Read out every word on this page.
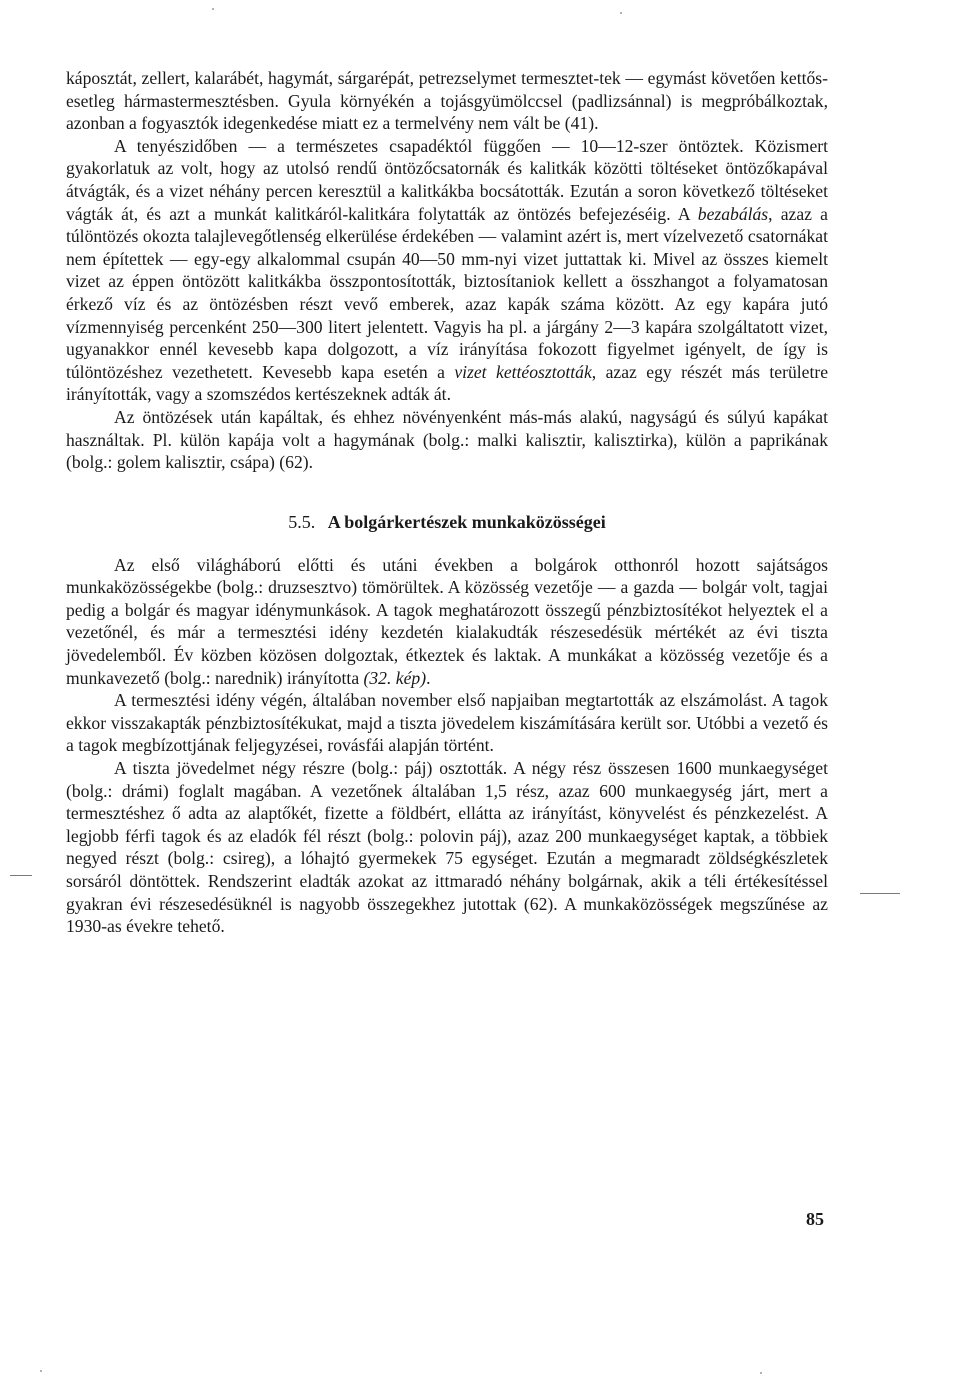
káposztát, zellert, kalarábét, hagymát, sárgarépát, petrezselymet termesztet-tek — egymást követően kettős- esetleg hármastermesztésben. Gyula környékén a tojásgyümölccsel (padlizsánnal) is megpróbálkoztak, azonban a fogyasztók idegenkedése miatt ez a termelvény nem vált be (41).

A tenyészidőben — a természetes csapadéktól függően — 10—12-szer öntöztek. Közismert gyakorlatuk az volt, hogy az utolsó rendű öntözőcsatornák és kalitkák közötti töltéseket öntözőkapával átvágták, és a vizet néhány percen keresztül a kalitkákba bocsátották. Ezután a soron következő töltéseket vágták át, és azt a munkát kalitkáról-kalitkára folytatták az öntözés befejezéséig. A bezabálás, azaz a túlöntözés okozta talajlevegőtlenség elkerülése érdekében — valamint azért is, mert vízelvezető csatornákat nem építettek — egy-egy alkalommal csupán 40—50 mm-nyi vizet juttattak ki. Mivel az összes kiemelt vizet az éppen öntözött kalitkákba összpontosították, biztosítaniok kellett a összhangot a folyamatosan érkező víz és az öntözésben részt vevő emberek, azaz kapák száma között. Az egy kapára jutó vízmennyiség percenként 250—300 litert jelentett. Vagyis ha pl. a járgány 2—3 kapára szolgáltatott vizet, ugyanakkor ennél kevesebb kapa dolgozott, a víz irányítása fokozott figyelmet igényelt, de így is túlöntözéshez vezethetett. Kevesebb kapa esetén a vizet kettéosztották, azaz egy részét más területre irányították, vagy a szomszédos kertészeknek adták át.

Az öntözések után kapáltak, és ehhez növényenként más-más alakú, nagyságú és súlyú kapákat használtak. Pl. külön kapája volt a hagymának (bolg.: malki kalisztir, kalisztirka), külön a paprikának (bolg.: golem kalisztir, csápa) (62).

5.5. A bolgárkertészek munkaközösségei

Az első világháború előtti és utáni években a bolgárok otthonról hozott sajátságos munkaközösségekbe (bolg.: druzsesztvo) tömörültek. A közösség vezetője — a gazda — bolgár volt, tagjai pedig a bolgár és magyar idénymunkások. A tagok meghatározott összegű pénzbiztosítékot helyeztek el a vezetőnél, és már a termesztési idény kezdetén kialakudták részesedésük mértékét az évi tiszta jövedelemből. Év közben közösen dolgoztak, étkeztek és laktak. A munkákat a közösség vezetője és a munkavezető (bolg.: narednik) irányította (32. kép).

A termesztési idény végén, általában november első napjaiban megtartották az elszámolást. A tagok ekkor visszakapták pénzbiztosítékukat, majd a tiszta jövedelem kiszámítására került sor. Utóbbi a vezető és a tagok megbízottjának feljegyzései, rovásfái alapján történt.

A tiszta jövedelmet négy részre (bolg.: páj) osztották. A négy rész összesen 1600 munkaegységet (bolg.: drámi) foglalt magában. A vezetőnek általában 1,5 rész, azaz 600 munkaegység járt, mert a termesztéshez ő adta az alaptőkét, fizette a földbért, ellátta az irányítást, könyvelést és pénzkezelést. A legjobb férfi tagok és az eladók fél részt (bolg.: polovin páj), azaz 200 munkaegységet kaptak, a többiek negyed részt (bolg.: csireg), a lóhajtó gyermekek 75 egységet. Ezután a megmaradt zöldségkészletek sorsáról döntöttek. Rendszerint eladták azokat az ittmaradó néhány bolgárnak, akik a téli értékesítéssel gyakran évi részesedésüknél is nagyobb összegekhez jutottak (62). A munkaközösségek megszűnése az 1930-as évekre tehető.

85
